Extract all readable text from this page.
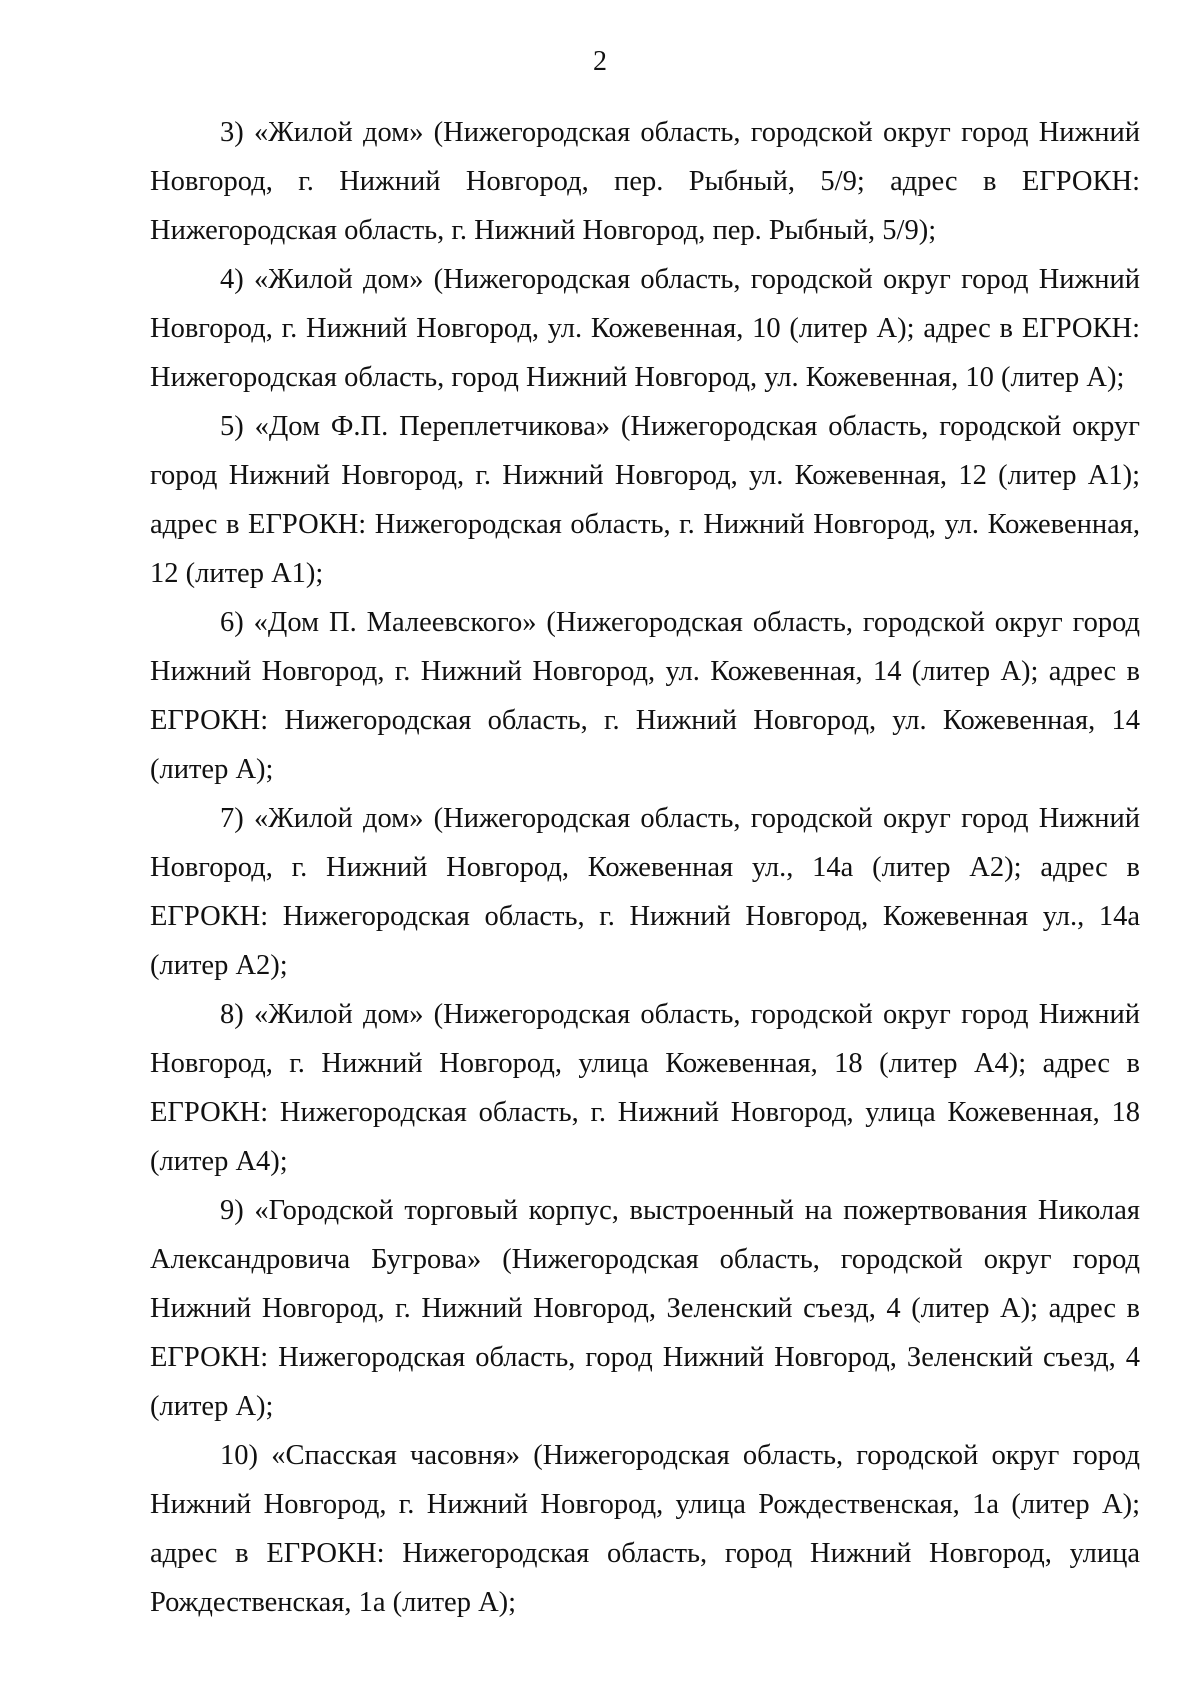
2

3) «Жилой дом» (Нижегородская область, городской округ город Нижний Новгород, г. Нижний Новгород, пер. Рыбный, 5/9; адрес в ЕГРОКН: Нижегородская область, г. Нижний Новгород, пер. Рыбный, 5/9);

4) «Жилой дом» (Нижегородская область, городской округ город Нижний Новгород, г. Нижний Новгород, ул. Кожевенная, 10 (литер А); адрес в ЕГРОКН: Нижегородская область, город Нижний Новгород, ул. Кожевенная, 10 (литер А);

5) «Дом Ф.П. Переплетчикова» (Нижегородская область, городской округ город Нижний Новгород, г. Нижний Новгород, ул. Кожевенная, 12 (литер А1); адрес в ЕГРОКН: Нижегородская область, г. Нижний Новгород, ул. Кожевенная, 12 (литер А1);

6) «Дом П. Малеевского» (Нижегородская область, городской округ город Нижний Новгород, г. Нижний Новгород, ул. Кожевенная, 14 (литер А); адрес в ЕГРОКН: Нижегородская область, г. Нижний Новгород, ул. Кожевенная, 14 (литер А);

7) «Жилой дом» (Нижегородская область, городской округ город Нижний Новгород, г. Нижний Новгород, Кожевенная ул., 14а (литер А2); адрес в ЕГРОКН: Нижегородская область, г. Нижний Новгород, Кожевенная ул., 14а (литер А2);

8) «Жилой дом» (Нижегородская область, городской округ город Нижний Новгород, г. Нижний Новгород, улица Кожевенная, 18 (литер А4); адрес в ЕГРОКН: Нижегородская область, г. Нижний Новгород, улица Кожевенная, 18 (литер А4);

9) «Городской торговый корпус, выстроенный на пожертвования Николая Александровича Бугрова» (Нижегородская область, городской округ город Нижний Новгород, г. Нижний Новгород, Зеленский съезд, 4 (литер А); адрес в ЕГРОКН: Нижегородская область, город Нижний Новгород, Зеленский съезд, 4 (литер А);

10) «Спасская часовня» (Нижегородская область, городской округ город Нижний Новгород, г. Нижний Новгород, улица Рождественская, 1а (литер А); адрес в ЕГРОКН: Нижегородская область, город Нижний Новгород, улица Рождественская, 1а (литер А);
